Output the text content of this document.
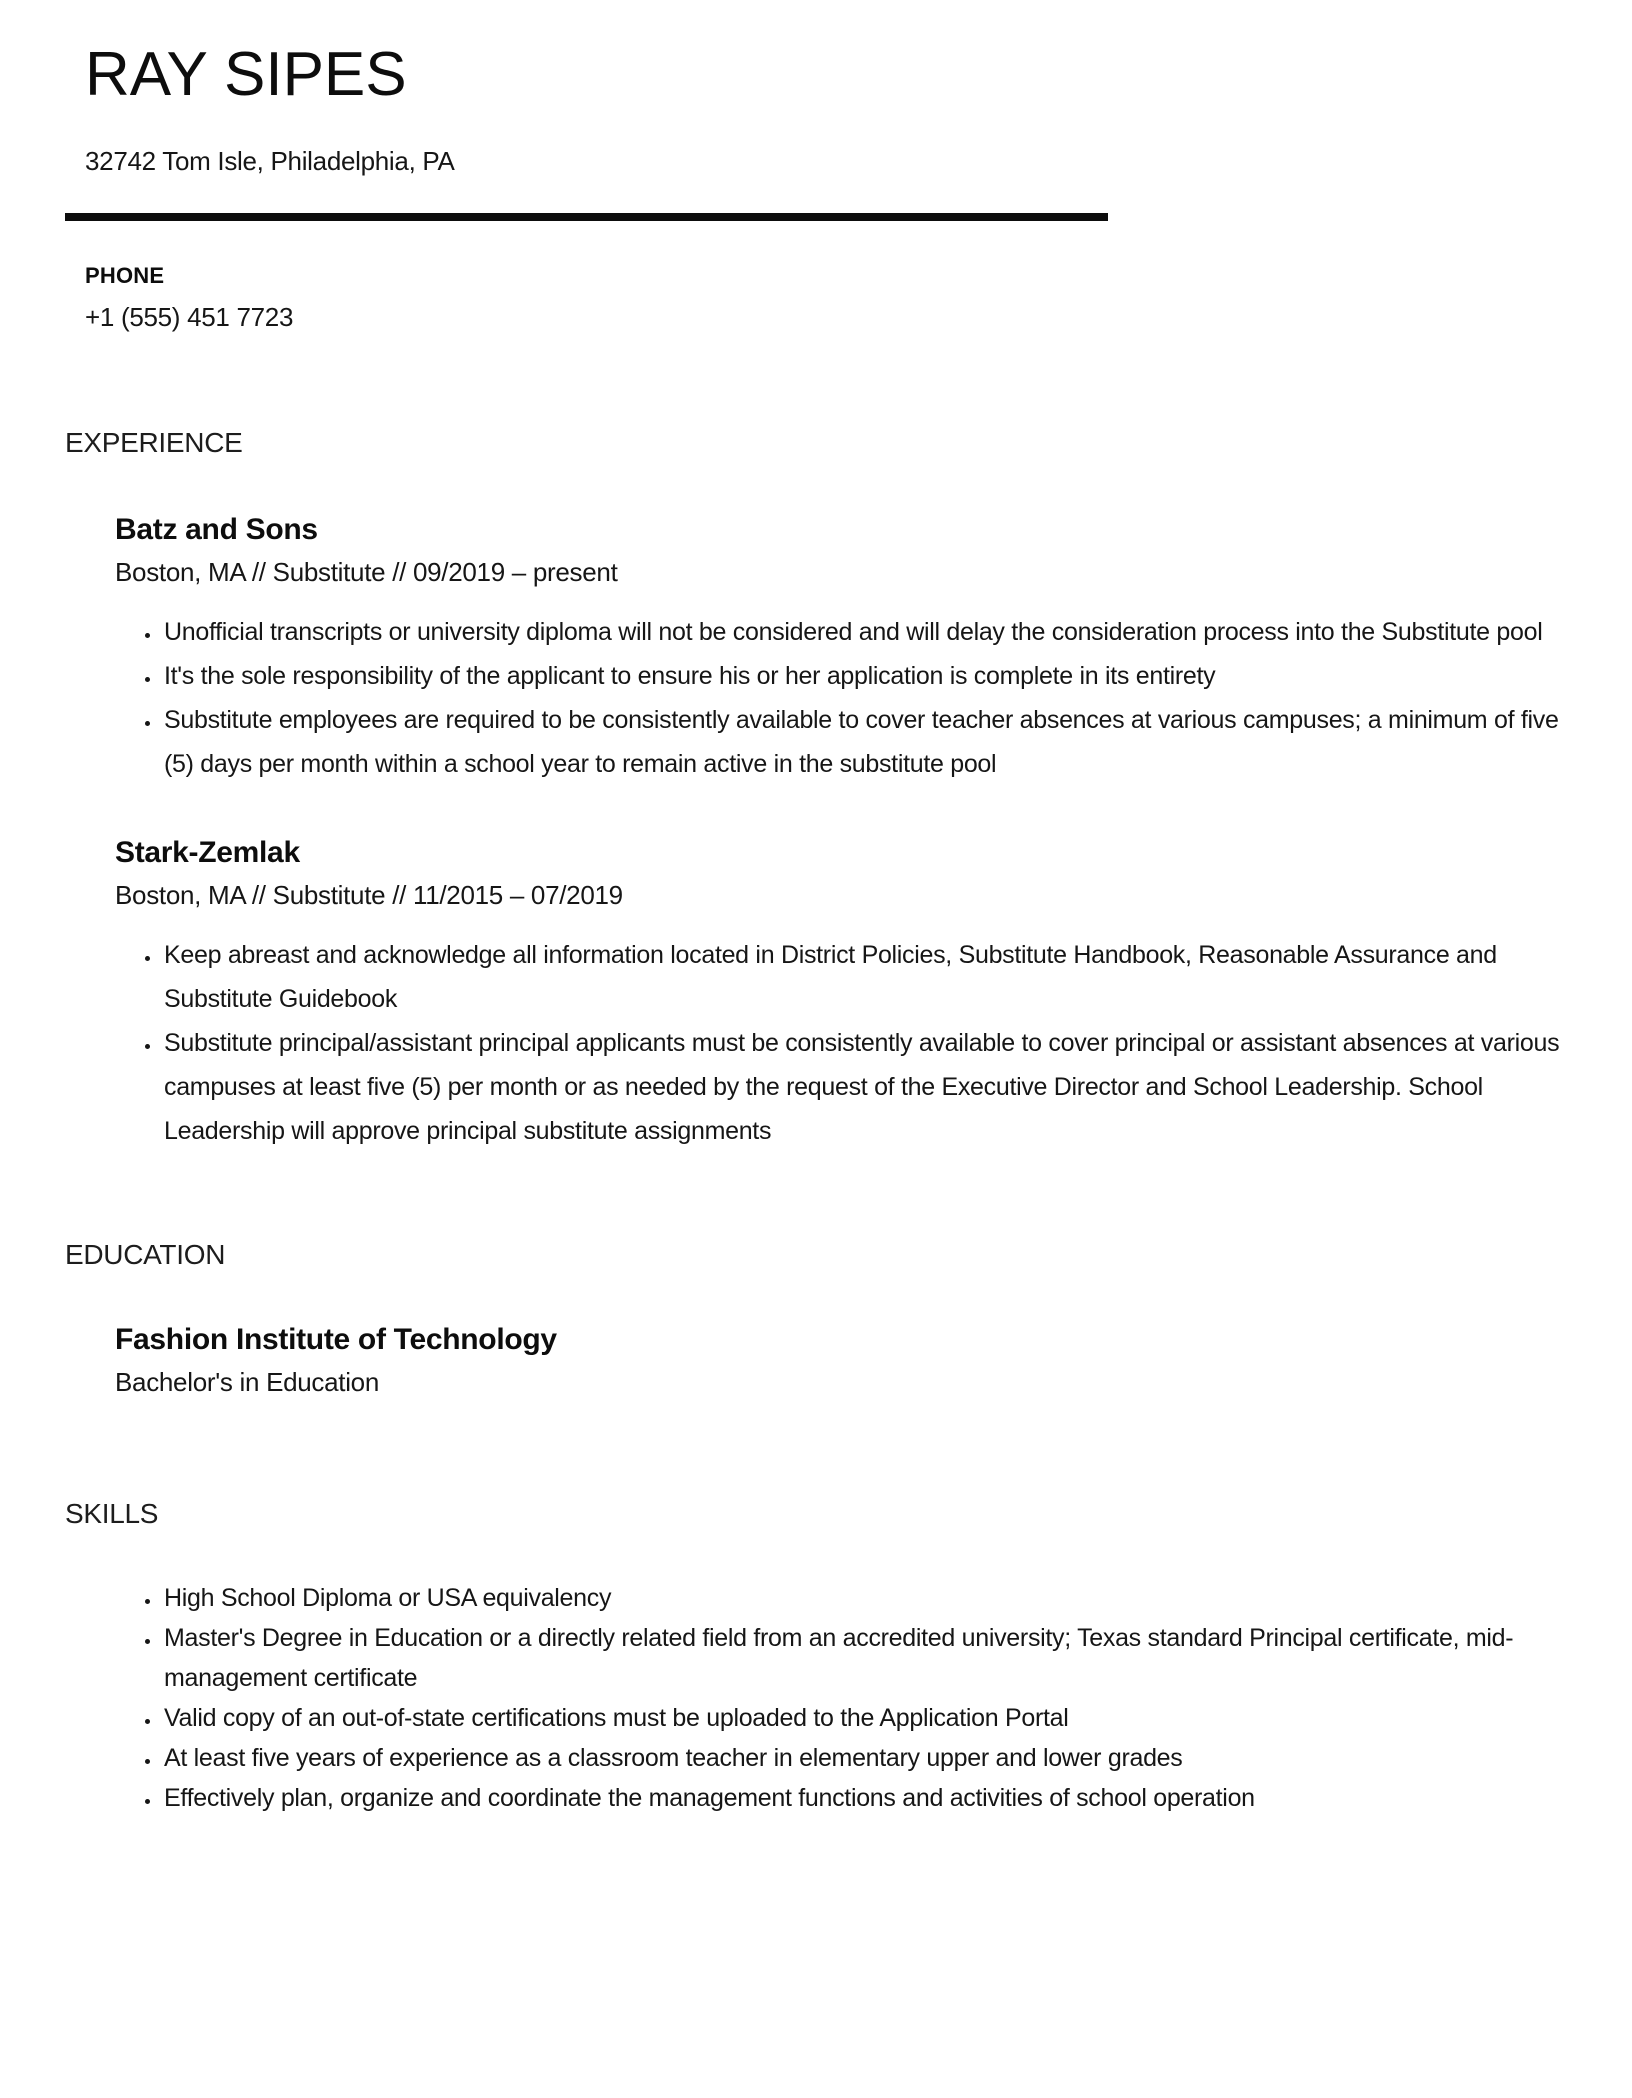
RAY SIPES
32742 Tom Isle, Philadelphia, PA
PHONE
+1 (555) 451 7723
EXPERIENCE
Batz and Sons
Boston, MA // Substitute // 09/2019 – present
• Unofficial transcripts or university diploma will not be considered and will delay the consideration process into the Substitute pool
• It's the sole responsibility of the applicant to ensure his or her application is complete in its entirety
• Substitute employees are required to be consistently available to cover teacher absences at various campuses; a minimum of five (5) days per month within a school year to remain active in the substitute pool
Stark-Zemlak
Boston, MA // Substitute // 11/2015 – 07/2019
• Keep abreast and acknowledge all information located in District Policies, Substitute Handbook, Reasonable Assurance and Substitute Guidebook
• Substitute principal/assistant principal applicants must be consistently available to cover principal or assistant absences at various campuses at least five (5) per month or as needed by the request of the Executive Director and School Leadership. School Leadership will approve principal substitute assignments
EDUCATION
Fashion Institute of Technology
Bachelor's in Education
SKILLS
• High School Diploma or USA equivalency
• Master's Degree in Education or a directly related field from an accredited university; Texas standard Principal certificate, mid-management certificate
• Valid copy of an out-of-state certifications must be uploaded to the Application Portal
• At least five years of experience as a classroom teacher in elementary upper and lower grades
• Effectively plan, organize and coordinate the management functions and activities of school operation
